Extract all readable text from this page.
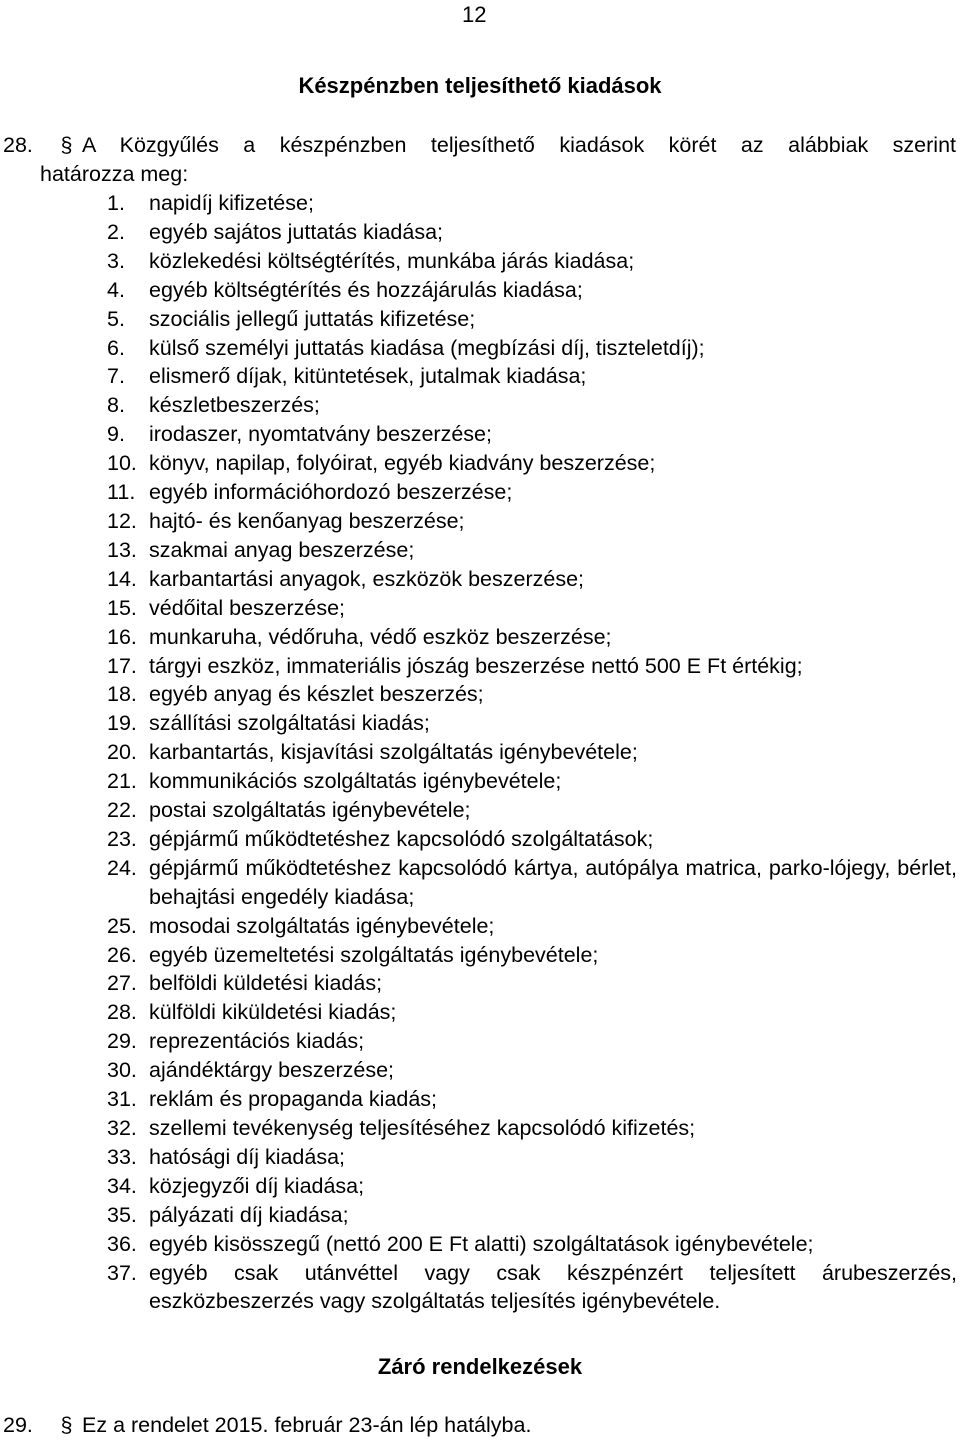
12
Készpénzben teljesíthető kiadások
28.	§ A Közgyűlés a készpénzben teljesíthető kiadások körét az alábbiak szerint
határozza meg:
1.	napidíj kifizetése;
2.	egyéb sajátos juttatás kiadása;
3.	közlekedési költségtérítés, munkába járás kiadása;
4.	egyéb költségtérítés és hozzájárulás kiadása;
5.	szociális jellegű juttatás kifizetése;
6.	külső személyi juttatás kiadása (megbízási díj, tiszteletdíj);
7.	elismerő díjak, kitüntetések, jutalmak kiadása;
8.	készletbeszerzés;
9.	irodaszer, nyomtatvány beszerzése;
10. könyv, napilap, folyóirat, egyéb kiadvány beszerzése;
11. egyéb információhordozó beszerzése;
12. hajtó- és kenőanyag beszerzése;
13. szakmai anyag beszerzése;
14. karbantartási anyagok, eszközök beszerzése;
15. védőital beszerzése;
16. munkaruha, védőruha, védő eszköz beszerzése;
17. tárgyi eszköz, immateriális jószág beszerzése nettó 500 E Ft értékig;
18. egyéb anyag és készlet beszerzés;
19. szállítási szolgáltatási kiadás;
20. karbantartás, kisjavítási szolgáltatás igénybevétele;
21. kommunikációs szolgáltatás igénybevétele;
22. postai szolgáltatás igénybevétele;
23. gépjármű működtetéshez kapcsolódó szolgáltatások;
24. gépjármű működtetéshez kapcsolódó kártya, autópálya matrica, parko-lójegy, bérlet, behajtási engedély kiadása;
25. mosodai szolgáltatás igénybevétele;
26. egyéb üzemeltetési szolgáltatás igénybevétele;
27. belföldi küldetési kiadás;
28. külföldi kiküldetési kiadás;
29. reprezentációs kiadás;
30. ajándéktárgy beszerzése;
31. reklám és propaganda kiadás;
32. szellemi tevékenység teljesítéséhez kapcsolódó kifizetés;
33. hatósági díj kiadása;
34. közjegyzői díj kiadása;
35. pályázati díj kiadása;
36. egyéb kisösszegű (nettó 200 E Ft alatti) szolgáltatások igénybevétele;
37. egyéb csak utánvéttel vagy csak készpénzért teljesített árubeszerzés, eszközbeszerzés vagy szolgáltatás teljesítés igénybevétele.
Záró rendelkezések
29.	§ Ez a rendelet 2015. február 23-án lép hatályba.
